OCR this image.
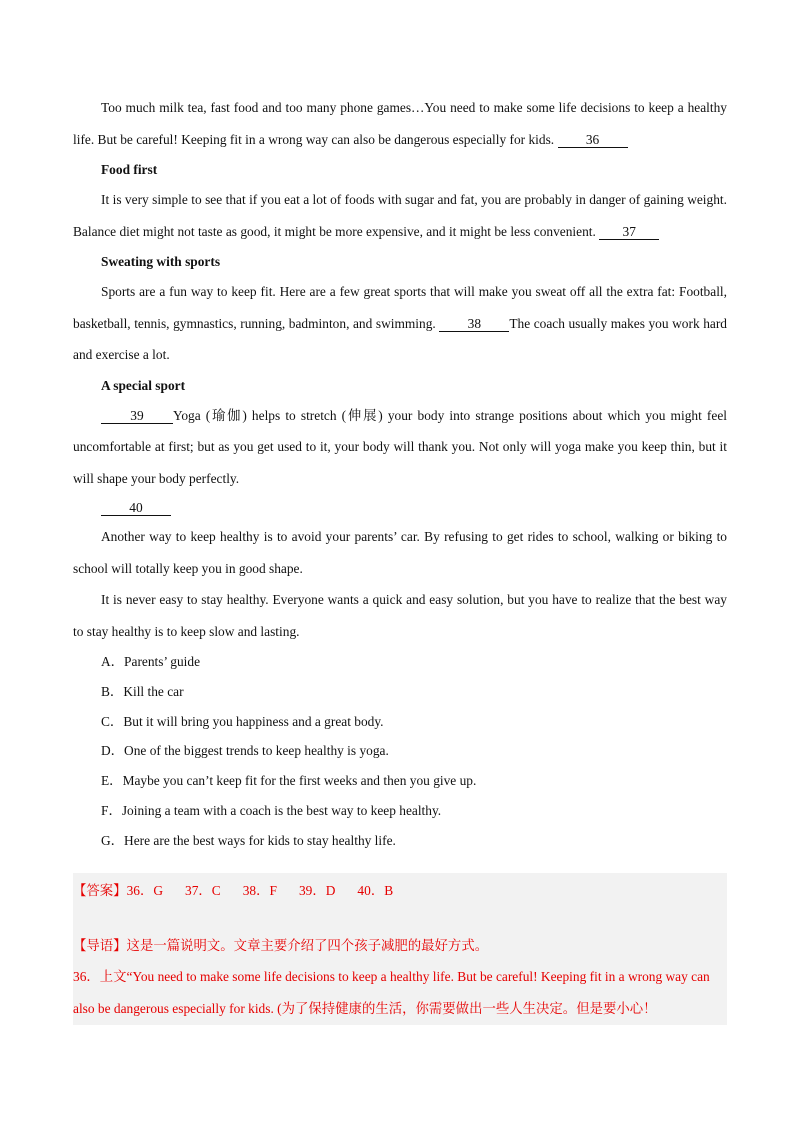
Too much milk tea, fast food and too many phone games…You need to make some life decisions to keep a healthy life. But be careful! Keeping fit in a wrong way can also be dangerous especially for kids. 36

Food first

It is very simple to see that if you eat a lot of foods with sugar and fat, you are probably in danger of gaining weight. Balance diet might not taste as good, it might be more expensive, and it might be less convenient. 37

Sweating with sports

Sports are a fun way to keep fit. Here are a few great sports that will make you sweat off all the extra fat: Football, basketball, tennis, gymnastics, running, badminton, and swimming. 38 The coach usually makes you work hard and exercise a lot.

A special sport

39 Yoga (瑜伽) helps to stretch (伸展) your body into strange positions about which you might feel uncomfortable at first; but as you get used to it, your body will thank you. Not only will yoga make you keep thin, but it will shape your body perfectly.

40

Another way to keep healthy is to avoid your parents’ car. By refusing to get rides to school, walking or biking to school will totally keep you in good shape.

It is never easy to stay healthy. Everyone wants a quick and easy solution, but you have to realize that the best way to stay healthy is to keep slow and lasting.

A．Parents’ guide

B．Kill the car

C．But it will bring you happiness and a great body.

D．One of the biggest trends to keep healthy is yoga.

E．Maybe you can’t keep fit for the first weeks and then you give up.

F．Joining a team with a coach is the best way to keep healthy.

G．Here are the best ways for kids to stay healthy life.

【答案】36．G 37．C 38．F 39．D 40．B
【导语】这是一篇说明文。文章主要介绍了四个孩子减肥的最好方式。
36．上文“You need to make some life decisions to keep a healthy life. But be careful! Keeping fit in a wrong way can also be dangerous especially for kids. (为了保持健康的生活，你需要做出一些人生决定。但是要小心！
